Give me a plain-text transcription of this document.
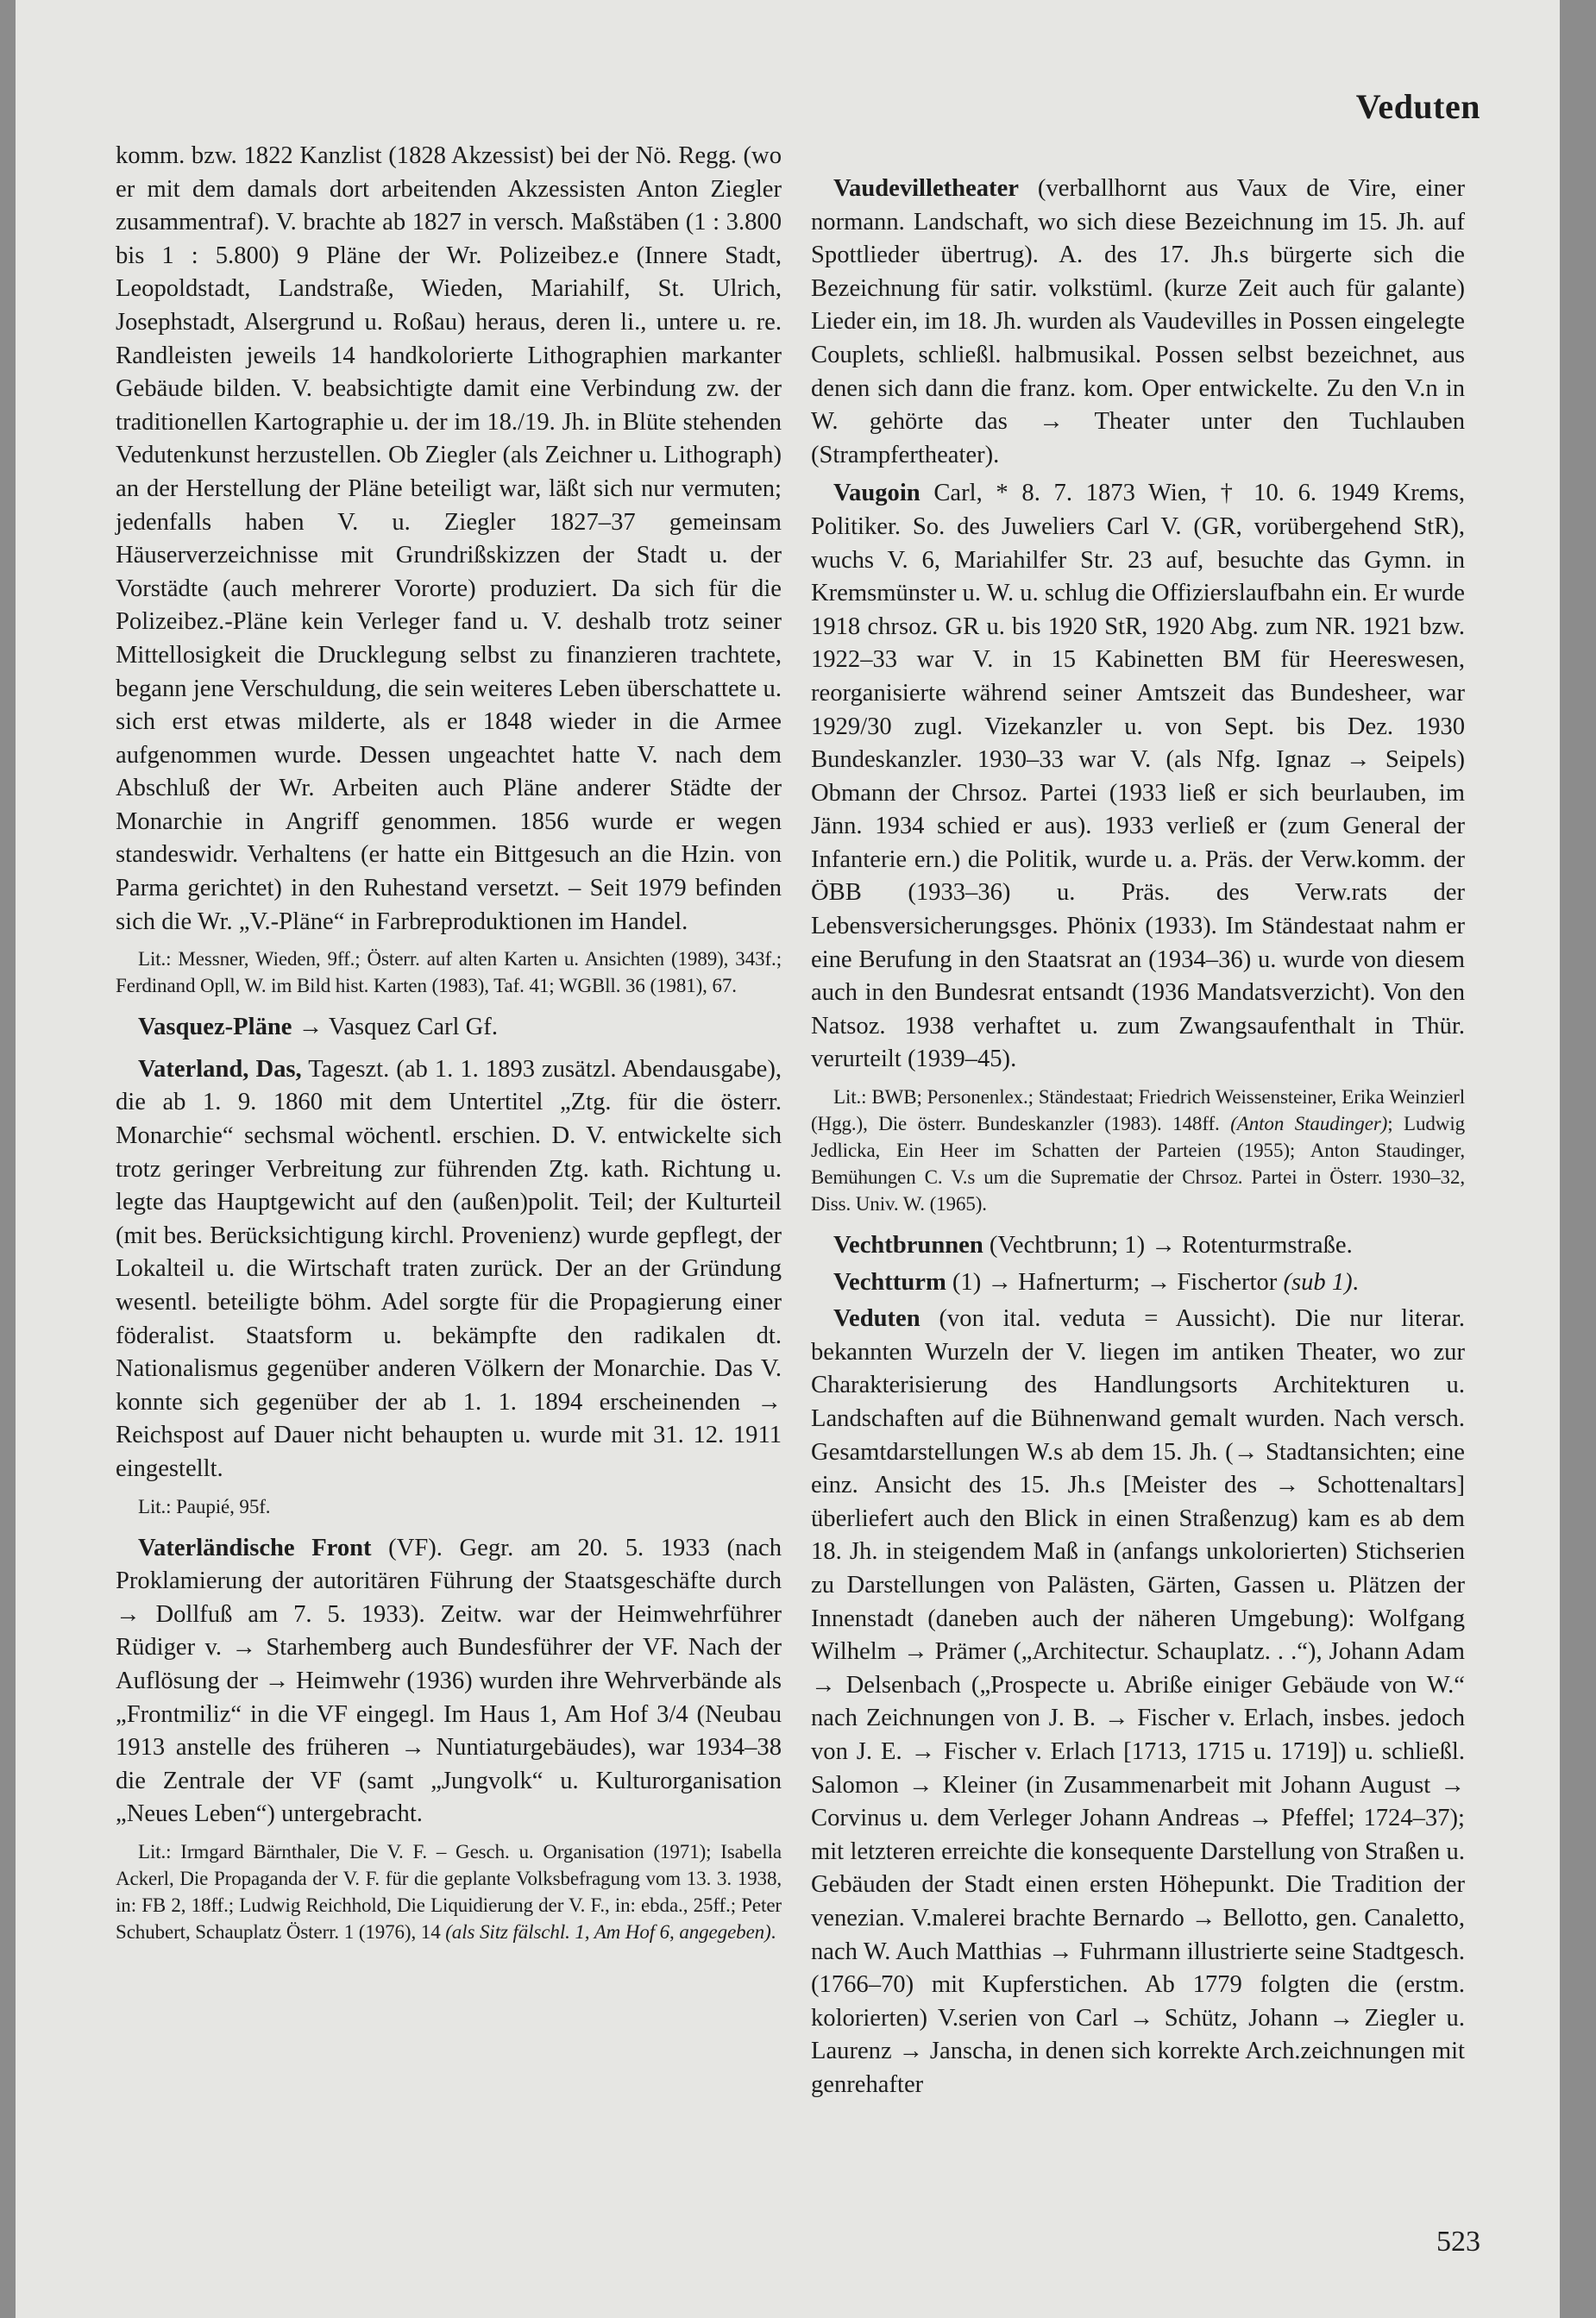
Veduten

komm. bzw. 1822 Kanzlist (1828 Akzessist) bei der Nö. Regg. (wo er mit dem damals dort arbeitenden Akzessisten Anton Ziegler zusammentraf). V. brachte ab 1827 in versch. Maßstäben (1 : 3.800 bis 1 : 5.800) 9 Pläne der Wr. Polizeibez.e (Innere Stadt, Leopoldstadt, Landstraße, Wieden, Mariahilf, St. Ulrich, Josephstadt, Alsergrund u. Roßau) heraus, deren li., untere u. re. Randleisten jeweils 14 handkolorierte Lithographien markanter Gebäude bilden. V. beabsichtigte damit eine Verbindung zw. der traditionellen Kartographie u. der im 18./19. Jh. in Blüte stehenden Vedutenkunst herzustellen. Ob Ziegler (als Zeichner u. Lithograph) an der Herstellung der Pläne beteiligt war, läßt sich nur vermuten; jedenfalls haben V. u. Ziegler 1827–37 gemeinsam Häuserverzeichnisse mit Grundrißskizzen der Stadt u. der Vorstädte (auch mehrerer Vororte) produziert. Da sich für die Polizeibez.-Pläne kein Verleger fand u. V. deshalb trotz seiner Mittellosigkeit die Drucklegung selbst zu finanzieren trachtete, begann jene Verschuldung, die sein weiteres Leben überschattete u. sich erst etwas milderte, als er 1848 wieder in die Armee aufgenommen wurde. Dessen ungeachtet hatte V. nach dem Abschluß der Wr. Arbeiten auch Pläne anderer Städte der Monarchie in Angriff genommen. 1856 wurde er wegen standeswidr. Verhaltens (er hatte ein Bittgesuch an die Hzin. von Parma gerichtet) in den Ruhestand versetzt. – Seit 1979 befinden sich die Wr. „V.-Pläne“ in Farbreproduktionen im Handel.

Lit.: Messner, Wieden, 9ff.; Österr. auf alten Karten u. Ansichten (1989), 343f.; Ferdinand Opll, W. im Bild hist. Karten (1983), Taf. 41; WGBll. 36 (1981), 67.

Vasquez-Pläne → Vasquez Carl Gf.

Vaterland, Das, Tageszt. (ab 1. 1. 1893 zusätzl. Abendausgabe), die ab 1. 9. 1860 mit dem Untertitel „Ztg. für die österr. Monarchie“ sechsmal wöchentl. erschien. D. V. entwickelte sich trotz geringer Verbreitung zur führenden Ztg. kath. Richtung u. legte das Hauptgewicht auf den (außen)polit. Teil; der Kulturteil (mit bes. Berücksichtigung kirchl. Provenienz) wurde gepflegt, der Lokalteil u. die Wirtschaft traten zurück. Der an der Gründung wesentl. beteiligte böhm. Adel sorgte für die Propagierung einer föderalist. Staatsform u. bekämpfte den radikalen dt. Nationalismus gegenüber anderen Völkern der Monarchie. Das V. konnte sich gegenüber der ab 1. 1. 1894 erscheinenden → Reichspost auf Dauer nicht behaupten u. wurde mit 31. 12. 1911 eingestellt.

Lit.: Paupié, 95f.

Vaterländische Front (VF). Gegr. am 20. 5. 1933 (nach Proklamierung der autoritären Führung der Staatsgeschäfte durch → Dollfuß am 7. 5. 1933). Zeitw. war der Heimwehrführer Rüdiger v. → Starhemberg auch Bundesführer der VF. Nach der Auflösung der → Heimwehr (1936) wurden ihre Wehrverbände als „Frontmiliz“ in die VF eingegl. Im Haus 1, Am Hof 3/4 (Neubau 1913 anstelle des früheren → Nuntiaturgebäudes), war 1934–38 die Zentrale der VF (samt „Jungvolk“ u. Kulturorganisation „Neues Leben“) untergebracht.

Lit.: Irmgard Bärnthaler, Die V. F. – Gesch. u. Organisation (1971); Isabella Ackerl, Die Propaganda der V. F. für die geplante Volksbefragung vom 13. 3. 1938, in: FB 2, 18ff.; Ludwig Reichhold, Die Liquidierung der V. F., in: ebda., 25ff.; Peter Schubert, Schauplatz Österr. 1 (1976), 14 (als Sitz fälschl. 1, Am Hof 6, angegeben).

Vaudevilletheater (verballhornt aus Vaux de Vire, einer normann. Landschaft, wo sich diese Bezeichnung im 15. Jh. auf Spottlieder übertrug). A. des 17. Jh.s bürgerte sich die Bezeichnung für satir. volkstüml. (kurze Zeit auch für galante) Lieder ein, im 18. Jh. wurden als Vaudevilles in Possen eingelegte Couplets, schließl. halbmusikal. Possen selbst bezeichnet, aus denen sich dann die franz. kom. Oper entwickelte. Zu den V.n in W. gehörte das → Theater unter den Tuchlauben (Strampfertheater).

Vaugoin Carl, * 8. 7. 1873 Wien, † 10. 6. 1949 Krems, Politiker. So. des Juweliers Carl V. (GR, vorübergehend StR), wuchs V. 6, Mariahilfer Str. 23 auf, besuchte das Gymn. in Kremsmünster u. W. u. schlug die Offizierslaufbahn ein. Er wurde 1918 chrsoz. GR u. bis 1920 StR, 1920 Abg. zum NR. 1921 bzw. 1922–33 war V. in 15 Kabinetten BM für Heereswesen, reorganisierte während seiner Amtszeit das Bundesheer, war 1929/30 zugl. Vizekanzler u. von Sept. bis Dez. 1930 Bundeskanzler. 1930–33 war V. (als Nfg. Ignaz → Seipels) Obmann der Chrsoz. Partei (1933 ließ er sich beurlauben, im Jänn. 1934 schied er aus). 1933 verließ er (zum General der Infanterie ern.) die Politik, wurde u. a. Präs. der Verw.komm. der ÖBB (1933–36) u. Präs. des Verw.rats der Lebensversicherungsges. Phönix (1933). Im Ständestaat nahm er eine Berufung in den Staatsrat an (1934–36) u. wurde von diesem auch in den Bundesrat entsandt (1936 Mandatsverzicht). Von den Natsoz. 1938 verhaftet u. zum Zwangsaufenthalt in Thür. verurteilt (1939–45).

Lit.: BWB; Personenlex.; Ständestaat; Friedrich Weissensteiner, Erika Weinzierl (Hgg.), Die österr. Bundeskanzler (1983). 148ff. (Anton Staudinger); Ludwig Jedlicka, Ein Heer im Schatten der Parteien (1955); Anton Staudinger, Bemühungen C. V.s um die Suprematie der Chrsoz. Partei in Österr. 1930–32, Diss. Univ. W. (1965).

Vechtbrunnen (Vechtbrunn; 1) → Rotenturmstraße.

Vechtturm (1) → Hafnerturm; → Fischertor (sub 1).

Veduten (von ital. veduta = Aussicht). Die nur literar. bekannten Wurzeln der V. liegen im antiken Theater, wo zur Charakterisierung des Handlungsorts Architekturen u. Landschaften auf die Bühnenwand gemalt wurden. Nach versch. Gesamtdarstellungen W.s ab dem 15. Jh. (→ Stadtansichten; eine einz. Ansicht des 15. Jh.s [Meister des → Schottenaltars] überliefert auch den Blick in einen Straßenzug) kam es ab dem 18. Jh. in steigendem Maß in (anfangs unkolorierten) Stichserien zu Darstellungen von Palästen, Gärten, Gassen u. Plätzen der Innenstadt (daneben auch der näheren Umgebung): Wolfgang Wilhelm → Prämer („Architectur. Schauplatz. . .“), Johann Adam → Delsenbach („Prospecte u. Abriße einiger Gebäude von W.“ nach Zeichnungen von J. B. → Fischer v. Erlach, insbes. jedoch von J. E. → Fischer v. Erlach [1713, 1715 u. 1719]) u. schließl. Salomon → Kleiner (in Zusammenarbeit mit Johann August → Corvinus u. dem Verleger Johann Andreas → Pfeffel; 1724–37); mit letzteren erreichte die konsequente Darstellung von Straßen u. Gebäuden der Stadt einen ersten Höhepunkt. Die Tradition der venezian. V.malerei brachte Bernardo → Bellotto, gen. Canaletto, nach W. Auch Matthias → Fuhrmann illustrierte seine Stadtgesch. (1766–70) mit Kupferstichen. Ab 1779 folgten die (erstm. kolorierten) V.serien von Carl → Schütz, Johann → Ziegler u. Laurenz → Janscha, in denen sich korrekte Arch.zeichnungen mit genrehafter

523
